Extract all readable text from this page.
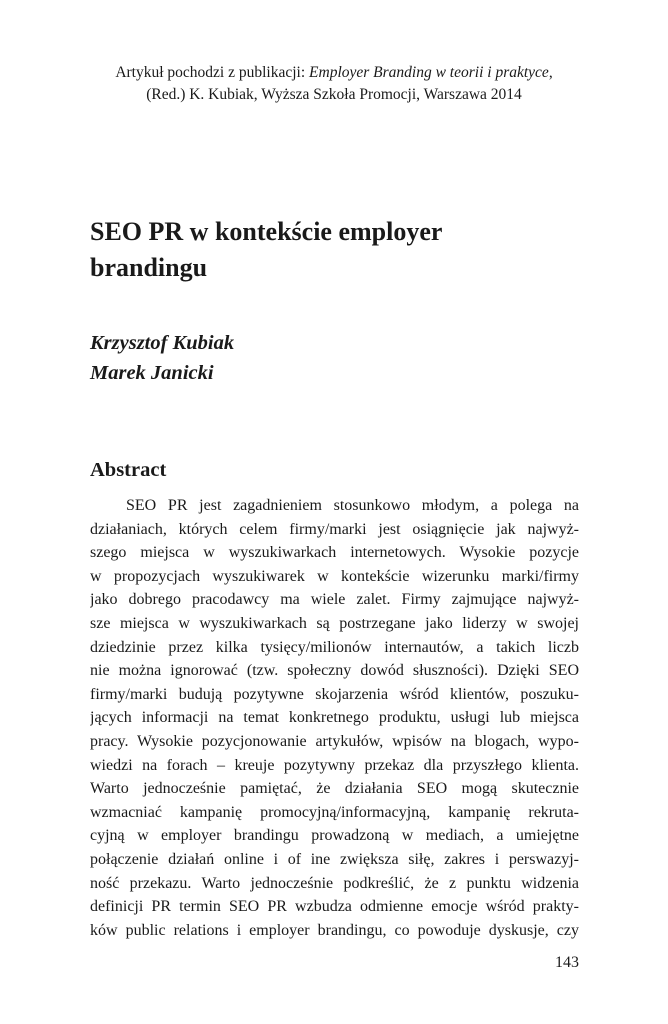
Artykuł pochodzi z publikacji: Employer Branding w teorii i praktyce,
(Red.) K. Kubiak, Wyższa Szkoła Promocji, Warszawa 2014
SEO PR w kontekście employer
brandingu
Krzysztof Kubiak
Marek Janicki
Abstract
SEO PR jest zagadnieniem stosunkowo młodym, a polega na
działaniach, których celem firmy/marki jest osiągnięcie jak najwyż-
szego miejsca w wyszukiwarkach internetowych. Wysokie pozycje
w propozycjach wyszukiwarek w kontekście wizerunku marki/firmy
jako dobrego pracodawcy ma wiele zalet. Firmy zajmujące najwyż-
sze miejsca w wyszukiwarkach są postrzegane jako liderzy w swojej
dziedzinie przez kilka tysięcy/milionów internautów, a takich liczb
nie można ignorować (tzw. społeczny dowód słuszności). Dzięki SEO
firmy/marki budują pozytywne skojarzenia wśród klientów, poszuku-
jących informacji na temat konkretnego produktu, usługi lub miejsca
pracy. Wysokie pozycjonowanie artykułów, wpisów na blogach, wypo-
wiedzi na forach – kreuje pozytywny przekaz dla przyszłego klienta.
Warto jednocześnie pamiętać, że działania SEO mogą skutecznie
wzmacniać kampanię promocyjną/informacyjną, kampanię rekruta-
cyjną w employer brandingu prowadzoną w mediach, a umiejętne
połączenie działań online i of ine zwiększa siłę, zakres i perswazyj-
ność przekazu. Warto jednocześnie podkreślić, że z punktu widzenia
definicji PR termin SEO PR wzbudza odmienne emocje wśród prakty-
ków public relations i employer brandingu, co powoduje dyskusje, czy
143
